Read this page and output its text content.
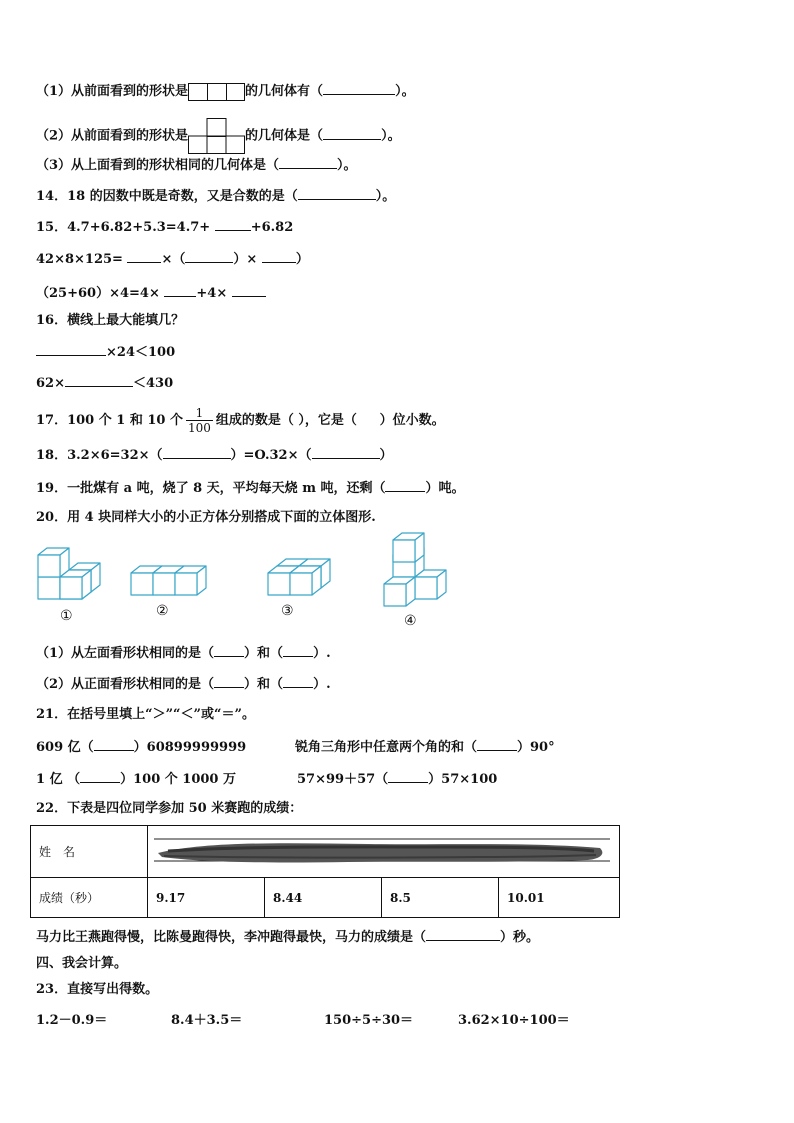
（1）从前面看到的形状是	的几何体有（	）。
（2）从前面看到的形状是	的几何体是（	）。
（3）从上面看到的形状相同的几何体是（	）。
14．18 的因数中既是奇数，又是合数的是（	）。
15．4.7+6.82+5.3=4.7+	+6.82
42×8×125=	×（	）×	）
（25+60）×4=4×	+4×
16．横线上最大能填几？
×24＜100
62×	＜430
17．100 个 1 和 10 个 $\frac{1}{100}$ 组成的数是（ ），它是（ ）位小数。
18．3.2×6=32×（	）=O.32×（	）
19．一批煤有 a 吨，烧了 8 天，平均每天烧 m 吨，还剩（	）吨。
20．用 4 块同样大小的小正方体分别搭成下面的立体图形.
①	②	③
④
（1）从左面看形状相同的是（ ）和（ ）.
（2）从正面看形状相同的是（ ）和（ ）.
21．在括号里填上“＞”“＜”或“＝”。
609 亿（	）60899999999	锐角三角形中任意两个角的和（	）90°
1 亿 （	）100 个 1000 万	57×99＋57（	）57×100
22．下表是四位同学参加 50 米赛跑的成绩：
姓　名	

成绩（秒）	9.17	8.44	8.5	10.01
马力比王燕跑得慢，比陈曼跑得快，李冲跑得最快，马力的成绩是（	）秒。
四、我会计算。
23．直接写出得数。
1.2－0.9＝	8.4＋3.5＝	150÷5÷30＝	3.62×10÷100＝
